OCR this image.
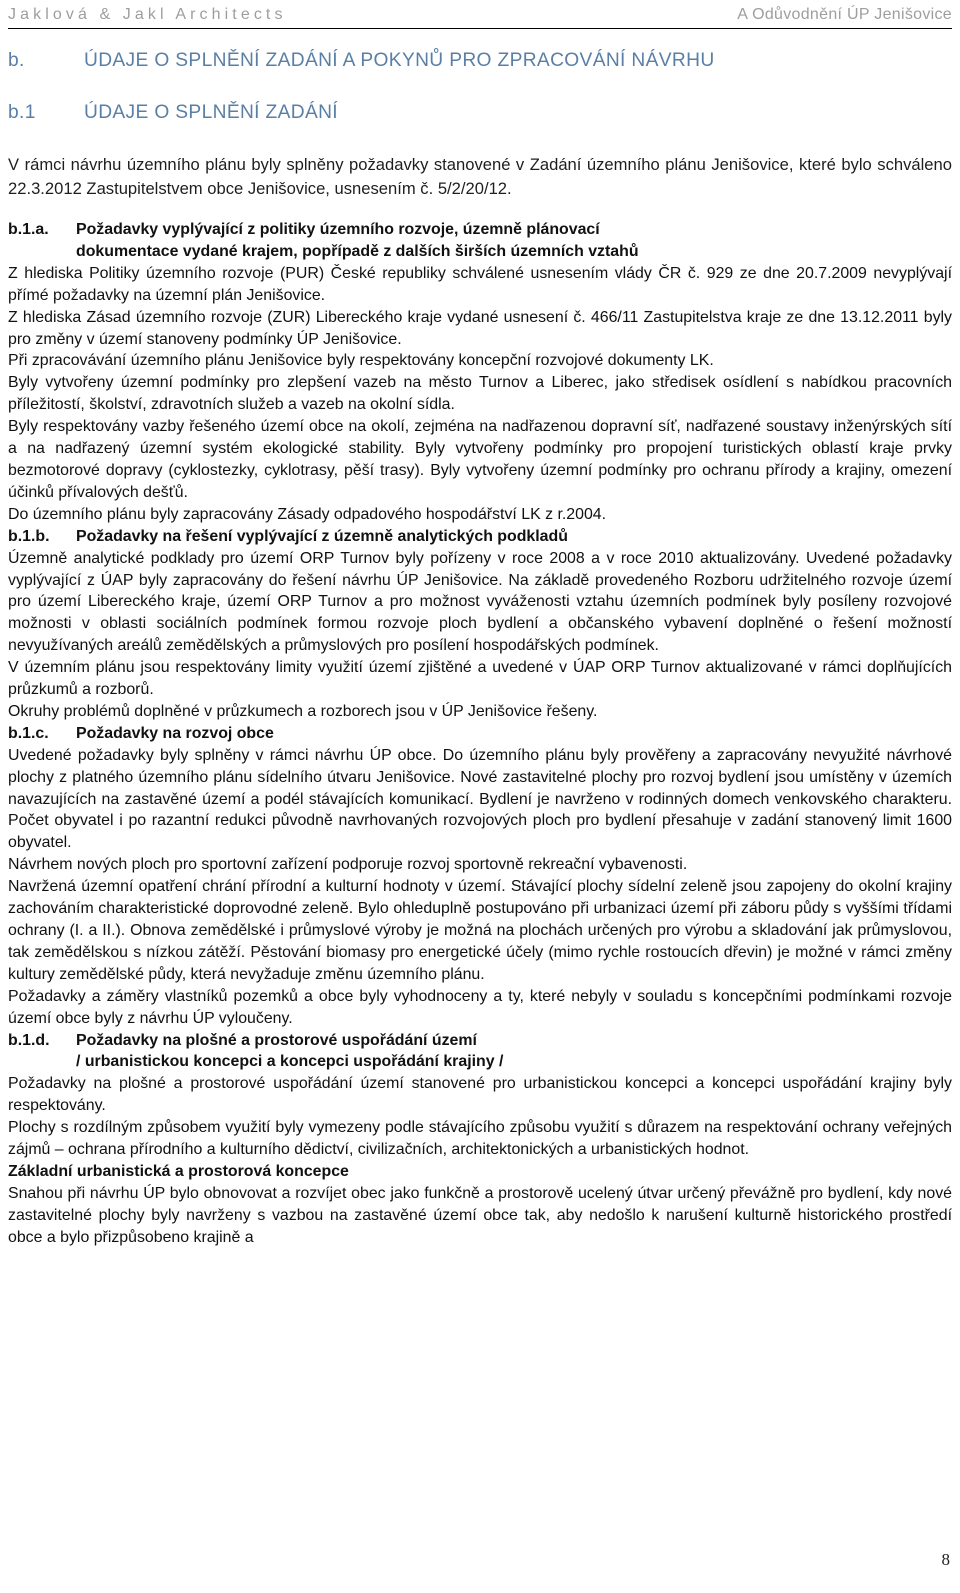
Jaklová & Jakl Architects	A Odůvodnění ÚP Jenišovice
b.	ÚDAJE O SPLNĚNÍ ZADÁNÍ A POKYNŮ PRO ZPRACOVÁNÍ NÁVRHU
b.1	ÚDAJE O SPLNĚNÍ ZADÁNÍ

V rámci návrhu územního plánu byly splněny požadavky stanovené v Zadání územního plánu Jenišovice, které bylo schváleno 22.3.2012 Zastupitelstvem obce Jenišovice, usnesením č. 5/2/20/12.

b.1.a. Požadavky vyplývající z politiky územního rozvoje, územně plánovací
dokumentace vydané krajem, popřípadě z dalších širších územních vztahů

Z hlediska Politiky územního rozvoje (PUR) České republiky schválené usnesením vlády ČR č. 929 ze dne 20.7.2009 nevyplývají přímé požadavky na územní plán Jenišovice.

Z hlediska Zásad územního rozvoje (ZUR) Libereckého kraje vydané usnesení č. 466/11 Zastupitelstva kraje ze dne 13.12.2011 byly pro změny v území stanoveny podmínky ÚP Jenišovice.

Při zpracovávání územního plánu Jenišovice byly respektovány koncepční rozvojové dokumenty LK.

Byly vytvořeny územní podmínky pro zlepšení vazeb na město Turnov a Liberec, jako středisek osídlení s nabídkou pracovních příležitostí, školství, zdravotních služeb a vazeb na okolní sídla.

Byly respektovány vazby řešeného území obce na okolí, zejména na nadřazenou dopravní síť, nadřazené soustavy inženýrských sítí a na nadřazený územní systém ekologické stability. Byly vytvořeny podmínky pro propojení turistických oblastí kraje prvky bezmotorové dopravy (cyklostezky, cyklotrasy, pěší trasy). Byly vytvořeny územní podmínky pro ochranu přírody a krajiny, omezení účinků přívalových dešťů.

Do územního plánu byly zapracovány Zásady odpadového hospodářství LK z r.2004.

b.1.b. Požadavky na řešení vyplývající z územně analytických podkladů

Územně analytické podklady pro území ORP Turnov byly pořízeny v roce 2008 a v roce 2010 aktualizovány. Uvedené požadavky vyplývající z ÚAP byly zapracovány do řešení návrhu ÚP Jenišovice. Na základě provedeného Rozboru udržitelného rozvoje území pro území Libereckého kraje, území ORP Turnov a pro možnost vyváženosti vztahu územních podmínek byly posíleny rozvojové možnosti v oblasti sociálních podmínek formou rozvoje ploch bydlení a občanského vybavení doplněné o řešení možností nevyužívaných areálů zemědělských a průmyslových pro posílení hospodářských podmínek.

V územním plánu jsou respektovány limity využití území zjištěné a uvedené v ÚAP ORP Turnov aktualizované v rámci doplňujících průzkumů a rozborů.

Okruhy problémů doplněné v průzkumech a rozborech jsou v ÚP Jenišovice řešeny.

b.1.c. Požadavky na rozvoj obce

Uvedené požadavky byly splněny v rámci návrhu ÚP obce. Do územního plánu byly prověřeny a zapracovány nevyužité návrhové plochy z platného územního plánu sídelního útvaru Jenišovice. Nové zastavitelné plochy pro rozvoj bydlení jsou umístěny v územích navazujících na zastavěné území a podél stávajících komunikací. Bydlení je navrženo v rodinných domech venkovského charakteru. Počet obyvatel i po razantní redukci původně navrhovaných rozvojových ploch pro bydlení přesahuje v zadání stanovený limit 1600 obyvatel.

Návrhem nových ploch pro sportovní zařízení podporuje rozvoj sportovně rekreační vybavenosti.

Navržená územní opatření chrání přírodní a kulturní hodnoty v území. Stávající plochy sídelní zeleně jsou zapojeny do okolní krajiny zachováním charakteristické doprovodné zeleně. Bylo ohleduplně postupováno při urbanizaci území při záboru půdy s vyššími třídami ochrany (I. a II.). Obnova zemědělské i průmyslové výroby je možná na plochách určených pro výrobu a skladování jak průmyslovou, tak zemědělskou s nízkou zátěží. Pěstování biomasy pro energetické účely (mimo rychle rostoucích dřevin) je možné v rámci změny kultury zemědělské půdy, která nevyžaduje změnu územního plánu.

Požadavky a záměry vlastníků pozemků a obce byly vyhodnoceny a ty, které nebyly v souladu s koncepčními podmínkami rozvoje území obce byly z návrhu ÚP vyloučeny.

b.1.d. Požadavky na plošné a prostorové uspořádání území
/ urbanistickou koncepci a koncepci uspořádání krajiny /

Požadavky na plošné a prostorové uspořádání území stanovené pro urbanistickou koncepci a koncepci uspořádání krajiny byly respektovány.

Plochy s rozdílným způsobem využití byly vymezeny podle stávajícího způsobu využití s důrazem na respektování ochrany veřejných zájmů – ochrana přírodního a kulturního dědictví, civilizačních, architektonických a urbanistických hodnot.

Základní urbanistická a prostorová koncepce

Snahou při návrhu ÚP bylo obnovovat a rozvíjet obec jako funkčně a prostorově ucelený útvar určený převážně pro bydlení, kdy nové zastavitelné plochy byly navrženy s vazbou na zastavěné území obce tak, aby nedošlo k narušení kulturně historického prostředí obce a bylo přizpůsobeno krajině a

8
